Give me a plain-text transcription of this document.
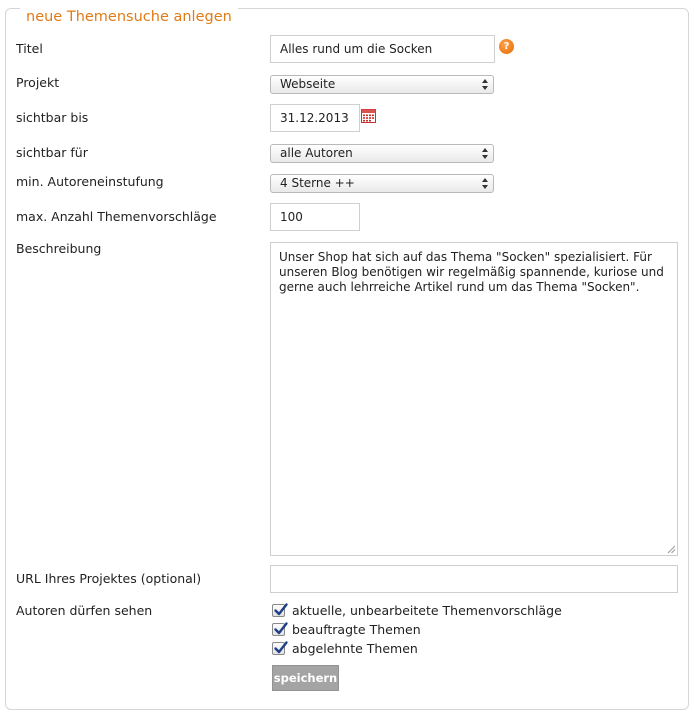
neue Themensuche anlegen
Titel	Alles rund um die Socken	?
Projekt	Webseite
sichtbar bis	31.12.2013
sichtbar für	alle Autoren
min. Autoreneinstufung	4 Sterne ++
max. Anzahl Themenvorschläge	100
Beschreibung
Unser Shop hat sich auf das Thema "Socken" spezialisiert. Für unseren Blog benötigen wir regelmäßig spannende, kuriose und gerne auch lehrreiche Artikel rund um das Thema "Socken".
URL Ihres Projektes (optional)
Autoren dürfen sehen	aktuelle, unbearbeitete Themenvorschläge
beauftragte Themen
abgelehnte Themen
speichern
